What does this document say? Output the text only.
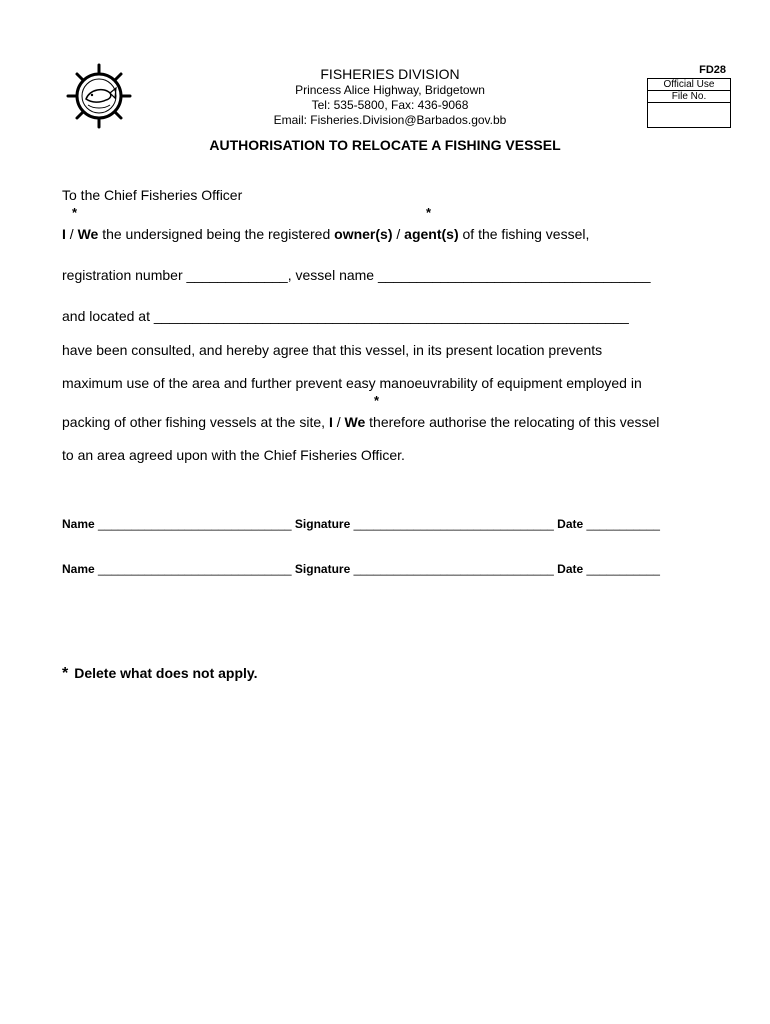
FISHERIES DIVISION
Princess Alice Highway, Bridgetown
Tel: 535-5800, Fax: 436-9068
Email: Fisheries.Division@Barbados.gov.bb
FD28
Official Use
File No.
AUTHORISATION TO RELOCATE A FISHING VESSEL
To the Chief Fisheries Officer
*	*
I / We the undersigned being the registered owner(s) / agent(s) of the fishing vessel,
registration number _____________, vessel name ___________________________________
and located at _____________________________________________________________
have been consulted, and hereby agree that this vessel, in its present location prevents
maximum use of the area and further prevent easy manoeuvrability of equipment employed in
*
packing of other fishing vessels at the site, I / We therefore authorise the relocating of this vessel
to an area agreed upon with the Chief Fisheries Officer.
Name _____________________________ Signature ______________________________ Date ___________
Name _____________________________ Signature ______________________________ Date ___________
* Delete what does not apply.
